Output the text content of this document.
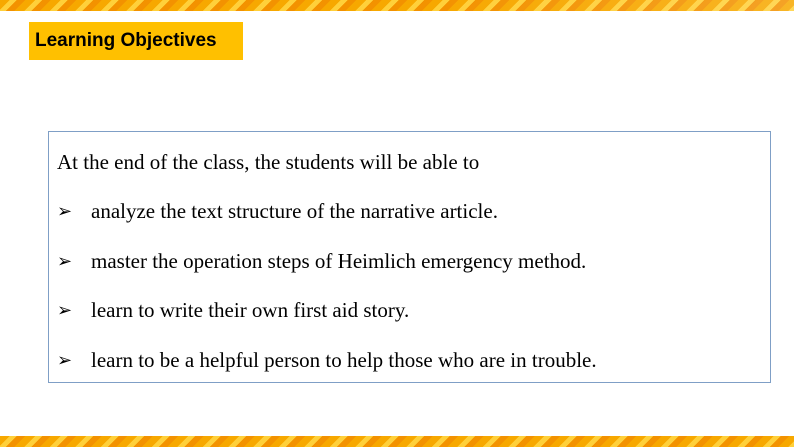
Learning Objectives
At the end of the class, the students will be able to
➢ analyze the text structure of the narrative article.
➢ master the operation steps of Heimlich emergency method.
➢ learn to write their own first aid story.
➢ learn to be a helpful person to help those who are in trouble.
